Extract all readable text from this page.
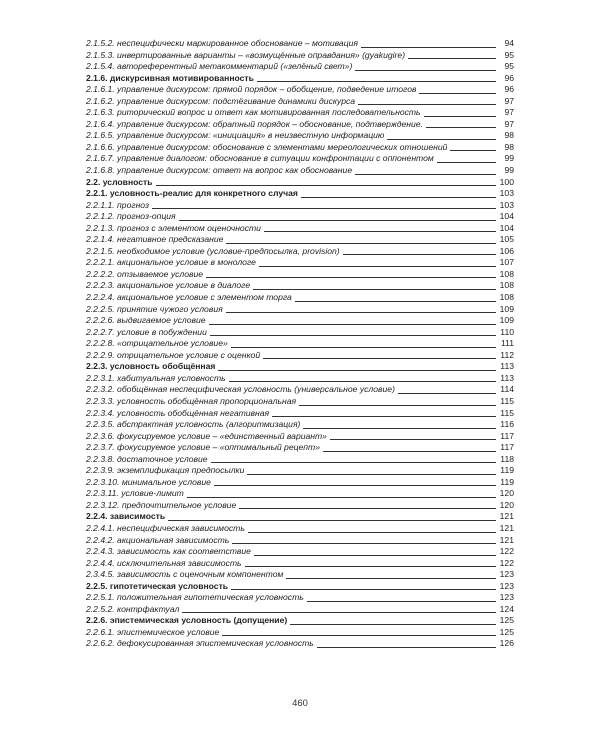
2.1.5.2. неспецифически маркированное обоснование – мотивация	94
2.1.5.3. инвертированные варианты – «возмущённые оправдания» (gyakugire)	95
2.1.5.4. автореферентный метакомментарий («зелёный свет»)	95
2.1.6. дискурсивная мотивированность	96
2.1.6.1. управление дискурсом: прямой порядок – обобщение, подведение итогов	96
2.1.6.2. управление дискурсом: подстёгивание динамики дискурса	97
2.1.6.3. риторический вопрос и ответ как мотивированная последовательность	97
2.1.6.4. управление дискурсом: обратный порядок – обоснование, подтверждение.	97
2.1.6.5. управление дискурсом: «инициация» в неизвестную информацию	98
2.1.6.6. управление дискурсом: обоснование с элементами мереологических отношений	98
2.1.6.7. управление диалогом: обоснование в ситуации конфронтации с оппонентом	99
2.1.6.8. управление дискурсом: ответ на вопрос как обоснование	99
2.2. условность	100
2.2.1. условность-реалис для конкретного случая	103
2.2.1.1. прогноз	103
2.2.1.2. прогноз-опция	104
2.2.1.3. прогноз с элементом оценочности	104
2.2.1.4. негативное предсказание	105
2.2.1.5. необходимое условие (условие-предпосылка, provision)	106
2.2.2.1. акциональное условие в монологе	107
2.2.2.2. отзываемое условие	108
2.2.2.3. акциональное условие в диалоге	108
2.2.2.4. акциональное условие с элементом торга	108
2.2.2.5. принятие чужого условия	109
2.2.2.6. выдвигаемое условие	109
2.2.2.7. условие в побуждении	110
2.2.2.8. «отрицательное условие»	111
2.2.2.9. отрицательное условие с оценкой	112
2.2.3. условность обобщённая	113
2.2.3.1. хабитуальная условность	113
2.2.3.2. обобщённая неспецифическая условность (универсальное условие)	114
2.2.3.3. условность обобщённая пропорциональная	115
2.2.3.4. условность обобщённая негативная	115
2.2.3.5. абстрактная условность (алгоритмизация)	116
2.2.3.6. фокусируемое условие – «единственный вариант»	117
2.2.3.7. фокусируемое условие – «оптимальный рецепт»	117
2.2.3.8. достаточное условие	118
2.2.3.9. экземплификация предпосылки	119
2.2.3.10. минимальное условие	119
2.2.3.11. условие-лимит	120
2.2.3.12. предпочтительное условие	120
2.2.4. зависимость	121
2.2.4.1. неспецифическая зависимость	121
2.2.4.2. акциональная зависимость	121
2.2.4.3. зависимость как соответствие	122
2.2.4.4. исключительная зависимость	122
2.3.4.5. зависимость с оценочным компонентом	123
2.2.5. гипотетическая условность	123
2.2.5.1. положительная гипотетическая условность	123
2.2.5.2. контрфактуал	124
2.2.6. эпистемическая условность (допущение)	125
2.2.6.1. эпистемическое условие	125
2.2.6.2. дефокусированная эпистемическая условность	126
460
